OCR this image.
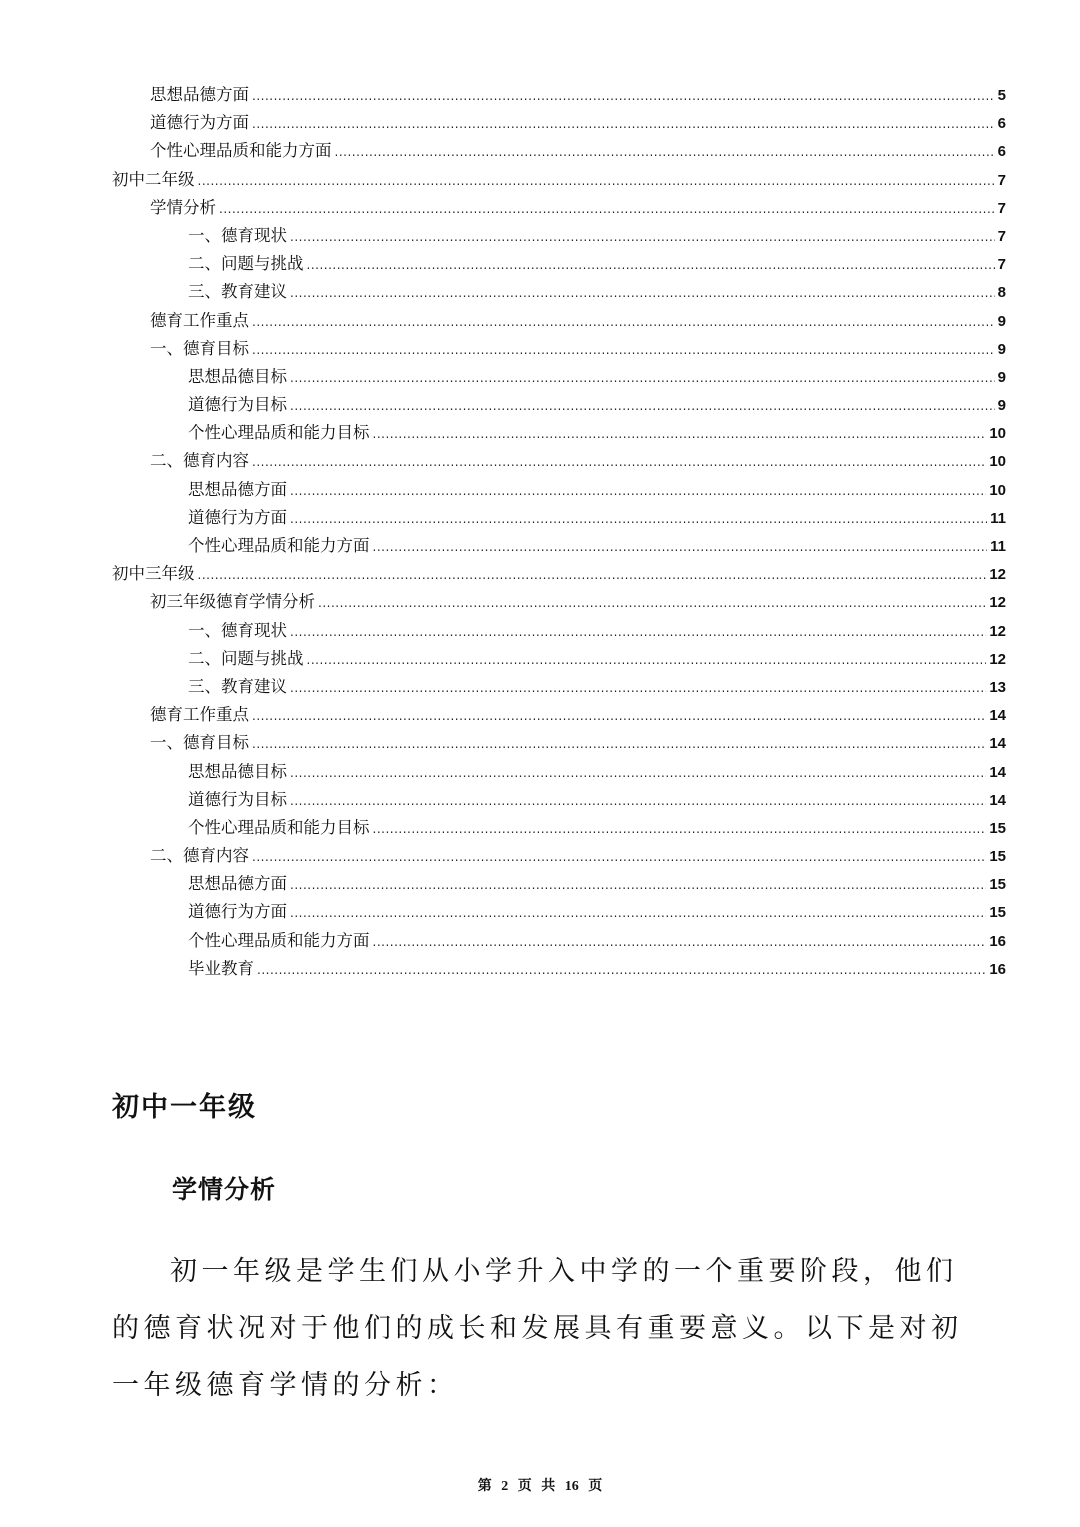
思想品德方面 .....	5
道德行为方面 .....	6
个性心理品质和能力方面 .....	6
初中二年级 .....	7
学情分析 .....	7
一、德育现状 .....	7
二、问题与挑战 .....	7
三、教育建议 .....	8
德育工作重点 .....	9
一、德育目标 .....	9
思想品德目标 .....	9
道德行为目标 .....	9
个性心理品质和能力目标 .....	10
二、德育内容 .....	10
思想品德方面 .....	10
道德行为方面 .....	11
个性心理品质和能力方面 .....	11
初中三年级 .....	12
初三年级德育学情分析 .....	12
一、德育现状 .....	12
二、问题与挑战 .....	12
三、教育建议 .....	13
德育工作重点 .....	14
一、德育目标 .....	14
思想品德目标 .....	14
道德行为目标 .....	14
个性心理品质和能力目标 .....	15
二、德育内容 .....	15
思想品德方面 .....	15
道德行为方面 .....	15
个性心理品质和能力方面 .....	16
毕业教育 .....	16
初中一年级
学情分析

初一年级是学生们从小学升入中学的一个重要阶段，他们的德育状况对于他们的成长和发展具有重要意义。以下是对初一年级德育学情的分析：

第 2 页 共 16 页
